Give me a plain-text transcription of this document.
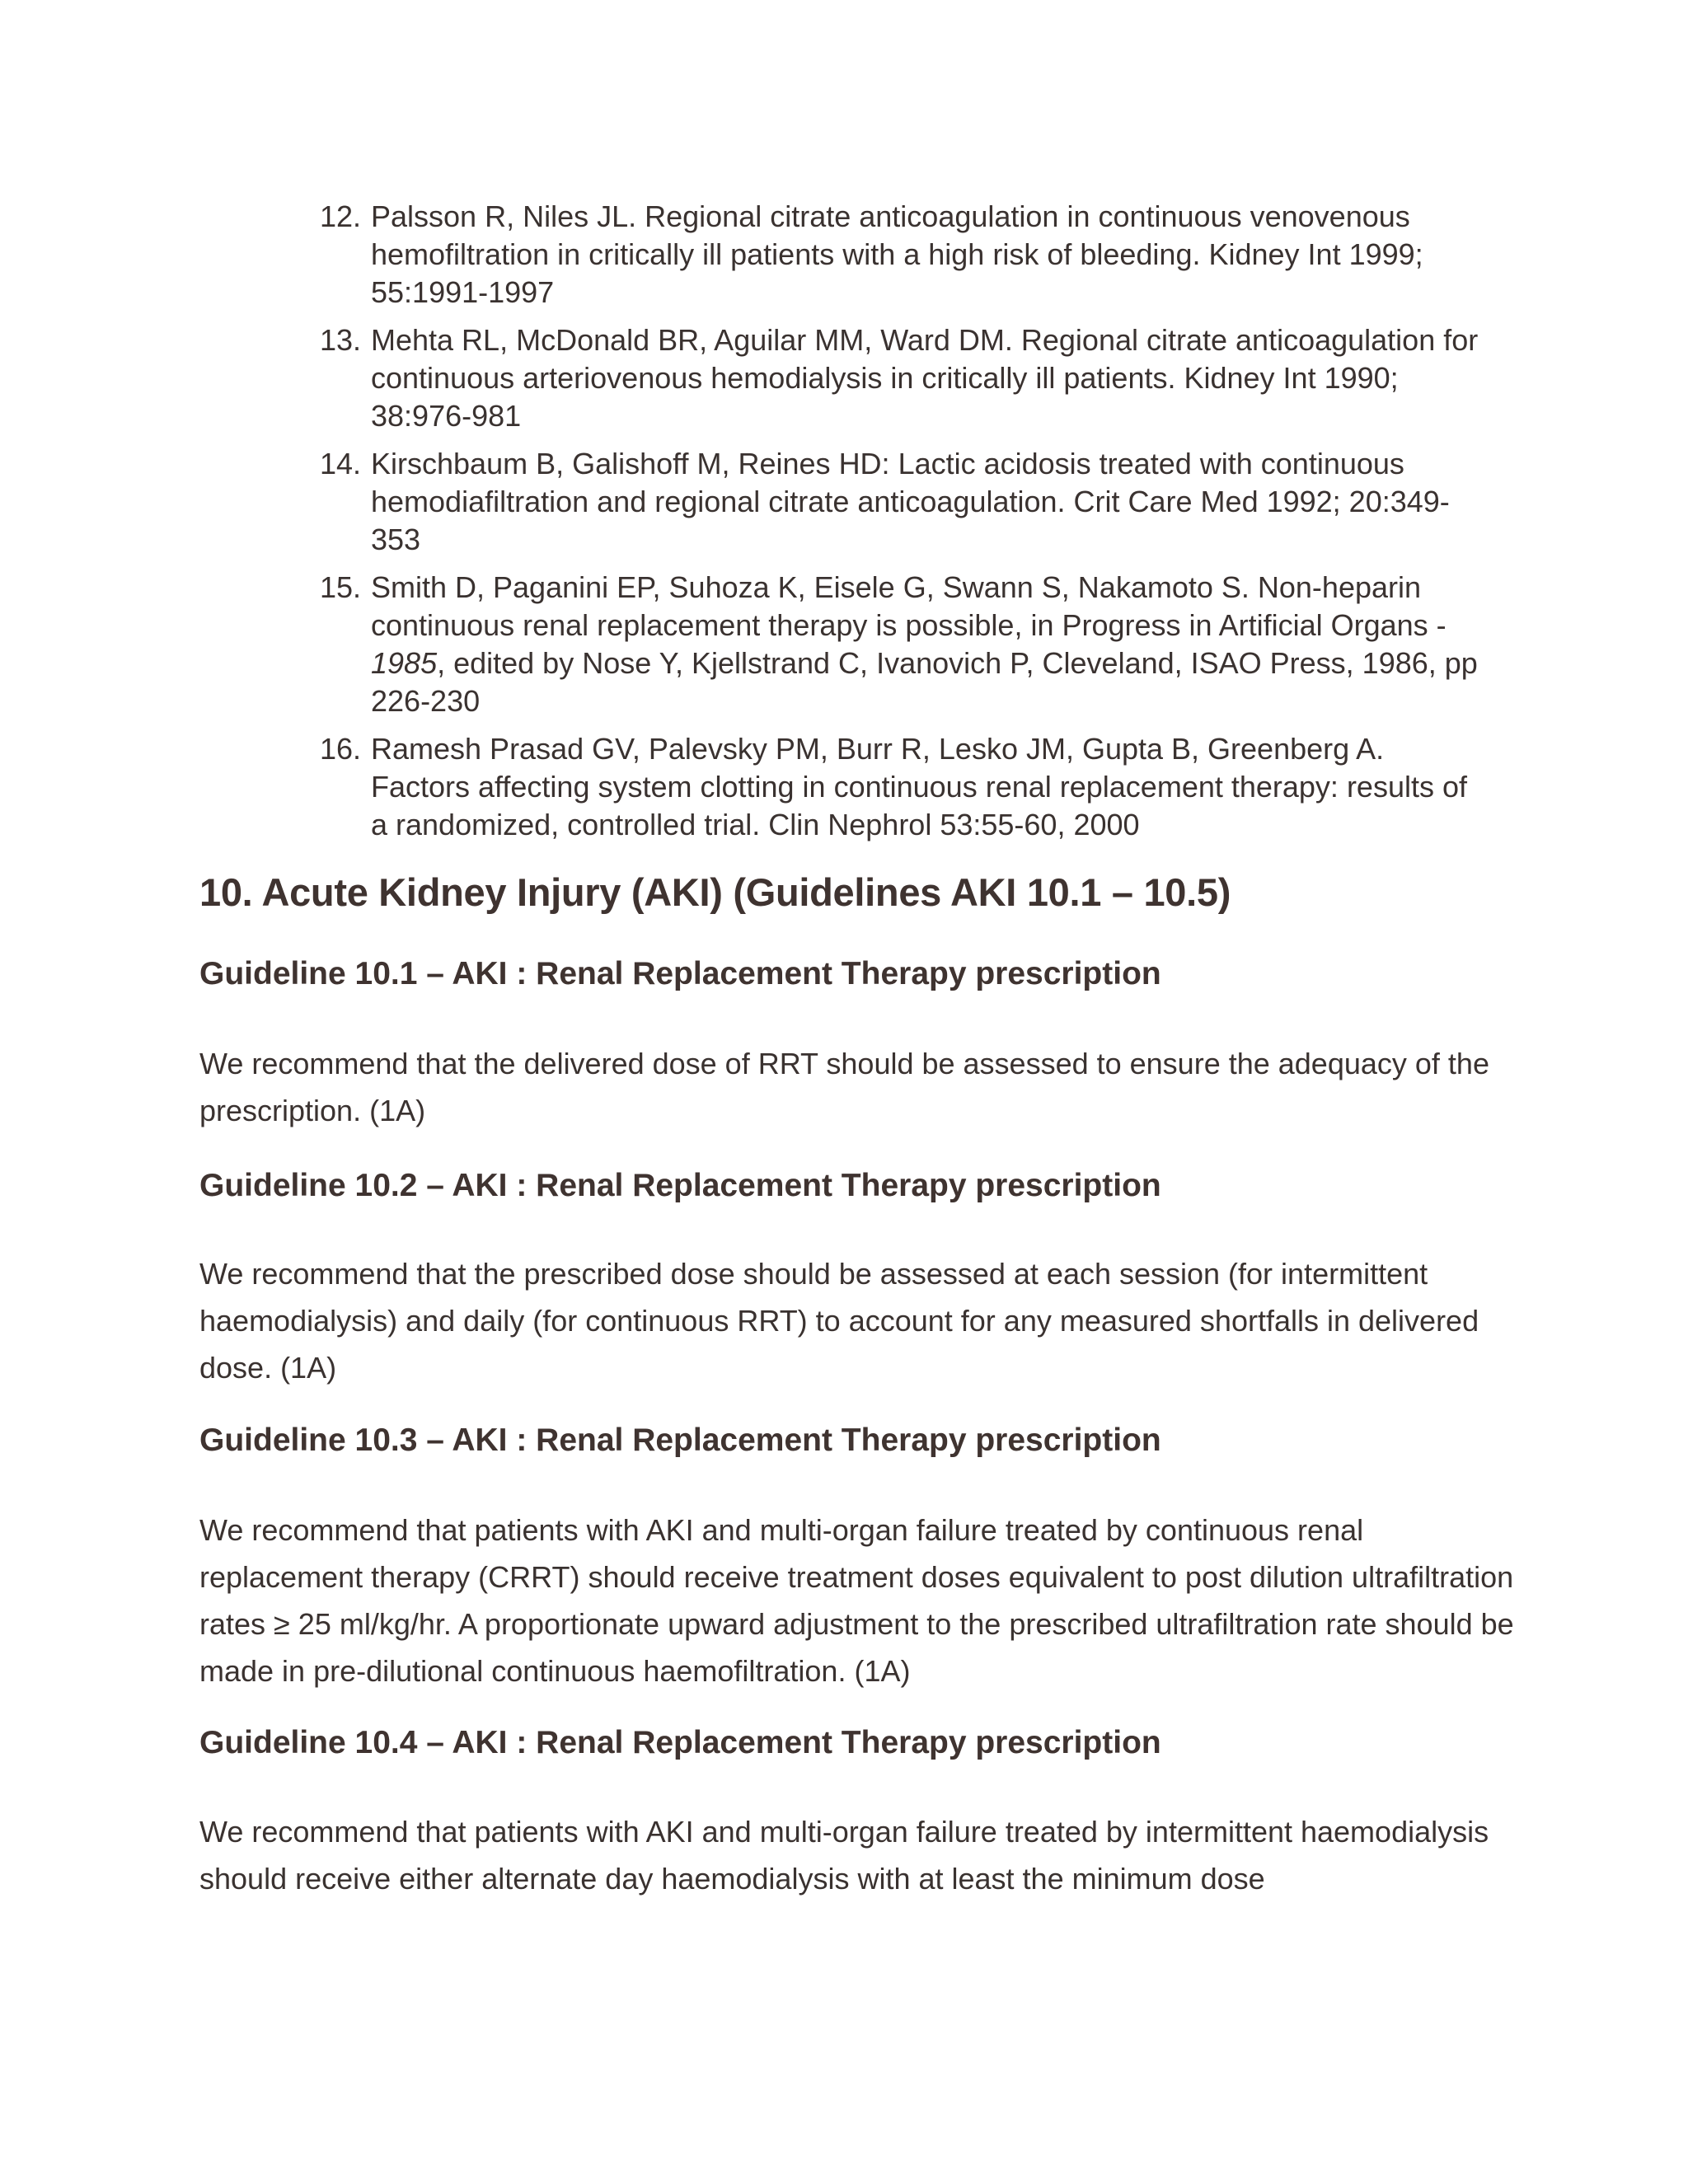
12. Palsson R, Niles JL. Regional citrate anticoagulation in continuous venovenous hemofiltration in critically ill patients with a high risk of bleeding. Kidney Int 1999; 55:1991-1997
13. Mehta RL, McDonald BR, Aguilar MM, Ward DM. Regional citrate anticoagulation for continuous arteriovenous hemodialysis in critically ill patients. Kidney Int 1990; 38:976-981
14. Kirschbaum B, Galishoff M, Reines HD: Lactic acidosis treated with continuous hemodiafiltration and regional citrate anticoagulation. Crit Care Med 1992; 20:349-353
15. Smith D, Paganini EP, Suhoza K, Eisele G, Swann S, Nakamoto S. Non-heparin continuous renal replacement therapy is possible, in Progress in Artificial Organs - 1985, edited by Nose Y, Kjellstrand C, Ivanovich P, Cleveland, ISAO Press, 1986, pp 226-230
16. Ramesh Prasad GV, Palevsky PM, Burr R, Lesko JM, Gupta B, Greenberg A. Factors affecting system clotting in continuous renal replacement therapy: results of a randomized, controlled trial. Clin Nephrol 53:55-60, 2000
10. Acute Kidney Injury (AKI) (Guidelines AKI 10.1 – 10.5)
Guideline 10.1 – AKI : Renal Replacement Therapy prescription

We recommend that the delivered dose of RRT should be assessed to ensure the adequacy of the prescription. (1A)

Guideline 10.2 – AKI : Renal Replacement Therapy prescription

We recommend that the prescribed dose should be assessed at each session (for intermittent haemodialysis) and daily (for continuous RRT) to account for any measured shortfalls in delivered dose. (1A)

Guideline 10.3 – AKI : Renal Replacement Therapy prescription

We recommend that patients with AKI and multi-organ failure treated by continuous renal replacement therapy (CRRT) should receive treatment doses equivalent to post dilution ultrafiltration rates ≥ 25 ml/kg/hr. A proportionate upward adjustment to the prescribed ultrafiltration rate should be made in pre-dilutional continuous haemofiltration. (1A)

Guideline 10.4 – AKI : Renal Replacement Therapy prescription

We recommend that patients with AKI and multi-organ failure treated by intermittent haemodialysis should receive either alternate day haemodialysis with at least the minimum dose
